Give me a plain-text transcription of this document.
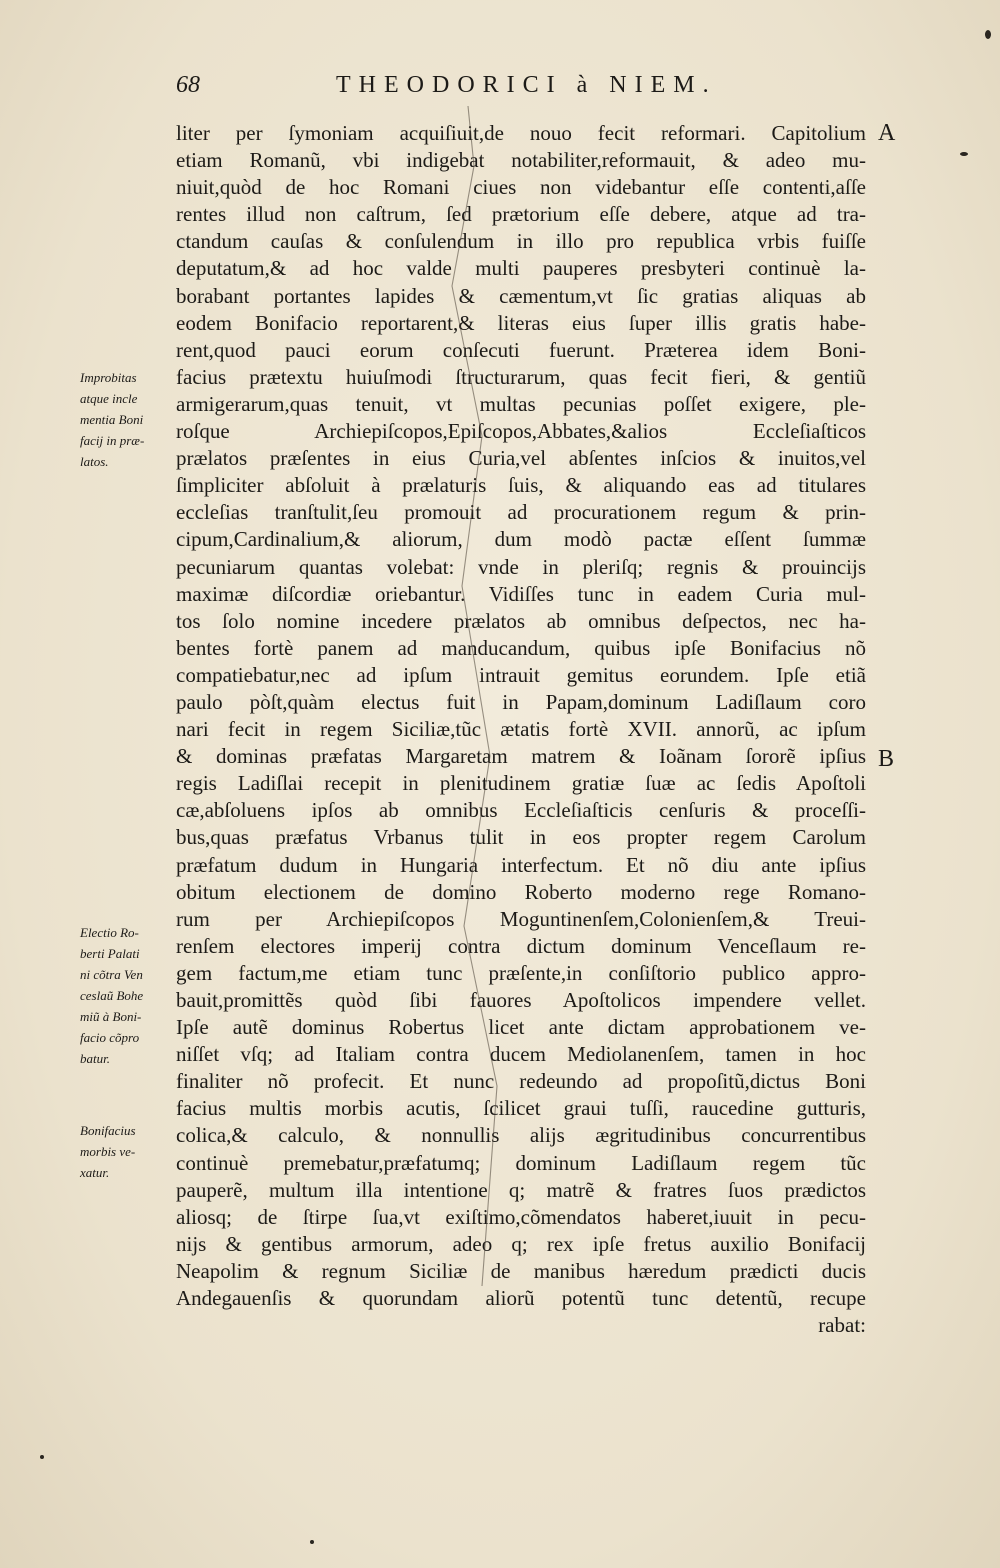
68	THEODORICI à NIEM.
A
B
Improbitas
atque incle
mentia Boni
facij in præ-
latos.
Electio Ro-
berti Palati
ni cõtra Ven
ceslaũ Bohe
miũ à Boni-
facio cõpro
batur.
Bonifacius
morbis ve-
xatur.
liter per ſymoniam acquiſiuit,de nouo fecit reformari. Capitolium
etiam Romanũ, vbi indigebat notabiliter,reformauit, & adeo mu-
niuit,quòd de hoc Romani ciues non videbantur eſſe contenti,aſſe
rentes illud non caſtrum, ſed prætorium eſſe debere, atque ad tra-
ctandum cauſas & conſulendum in illo pro republica vrbis fuiſſe
deputatum,& ad hoc valde multi pauperes presbyteri continuè la-
borabant portantes lapides & cæmentum,vt ſic gratias aliquas ab
eodem Bonifacio reportarent,& literas eius ſuper illis gratis habe-
rent,quod pauci eorum conſecuti fuerunt. Præterea idem Boni-
facius prætextu huiuſmodi ſtructurarum, quas fecit fieri, & gentiũ
armigerarum,quas tenuit, vt multas pecunias poſſet exigere, ple-
roſque Archiepiſcopos,Epiſcopos,Abbates,&alios Eccleſiaſticos
prælatos præſentes in eius Curia,vel abſentes inſcios & inuitos,vel
ſimpliciter abſoluit à prælaturis ſuis, & aliquando eas ad titulares
eccleſias tranſtulit,ſeu promouit ad procurationem regum & prin-
cipum,Cardinalium,& aliorum, dum modò pactæ eſſent ſummæ
pecuniarum quantas volebat: vnde in pleriſq; regnis & prouincijs
maximæ diſcordiæ oriebantur. Vidiſſes tunc in eadem Curia mul-
tos ſolo nomine incedere prælatos ab omnibus deſpectos, nec ha-
bentes fortè panem ad manducandum, quibus ipſe Bonifacius nõ
compatiebatur,nec ad ipſum intrauit gemitus eorundem. Ipſe etiã
paulo pòſt,quàm electus fuit in Papam,dominum Ladiſlaum coro
nari fecit in regem Siciliæ,tũc ætatis fortè XVII. annorũ, ac ipſum
& dominas præfatas Margaretam matrem & Ioãnam ſororẽ ipſius
regis Ladiſlai recepit in plenitudinem gratiæ ſuæ ac ſedis Apoſtoli
cæ,abſoluens ipſos ab omnibus Eccleſiaſticis cenſuris & proceſſi-
bus,quas præfatus Vrbanus tulit in eos propter regem Carolum
præfatum dudum in Hungaria interfectum. Et nõ diu ante ipſius
obitum electionem de domino Roberto moderno rege Romano-
rum per Archiepiſcopos Moguntinenſem,Colonienſem,& Treui-
renſem electores imperij contra dictum dominum Venceſlaum re-
gem factum,me etiam tunc præſente,in conſiſtorio publico appro-
bauit,promittẽs quòd ſibi fauores Apoſtolicos impendere vellet.
Ipſe autẽ dominus Robertus licet ante dictam approbationem ve-
niſſet vſq; ad Italiam contra ducem Mediolanenſem, tamen in hoc
finaliter nõ profecit. Et nunc redeundo ad propoſitũ,dictus Boni
facius multis morbis acutis, ſcilicet graui tuſſi, raucedine gutturis,
colica,& calculo, & nonnullis alijs ægritudinibus concurrentibus
continuè premebatur,præfatumq; dominum Ladiſlaum regem tũc
pauperẽ, multum illa intentione q; matrẽ & fratres ſuos prædictos
aliosq; de ſtirpe ſua,vt exiſtimo,cõmendatos haberet,iuuit in pecu-
nijs & gentibus armorum, adeo q; rex ipſe fretus auxilio Bonifacij
Neapolim & regnum Siciliæ de manibus hæredum prædicti ducis
Andegauenſis & quorundam aliorũ potentũ tunc detentũ, recupe
rabat:
